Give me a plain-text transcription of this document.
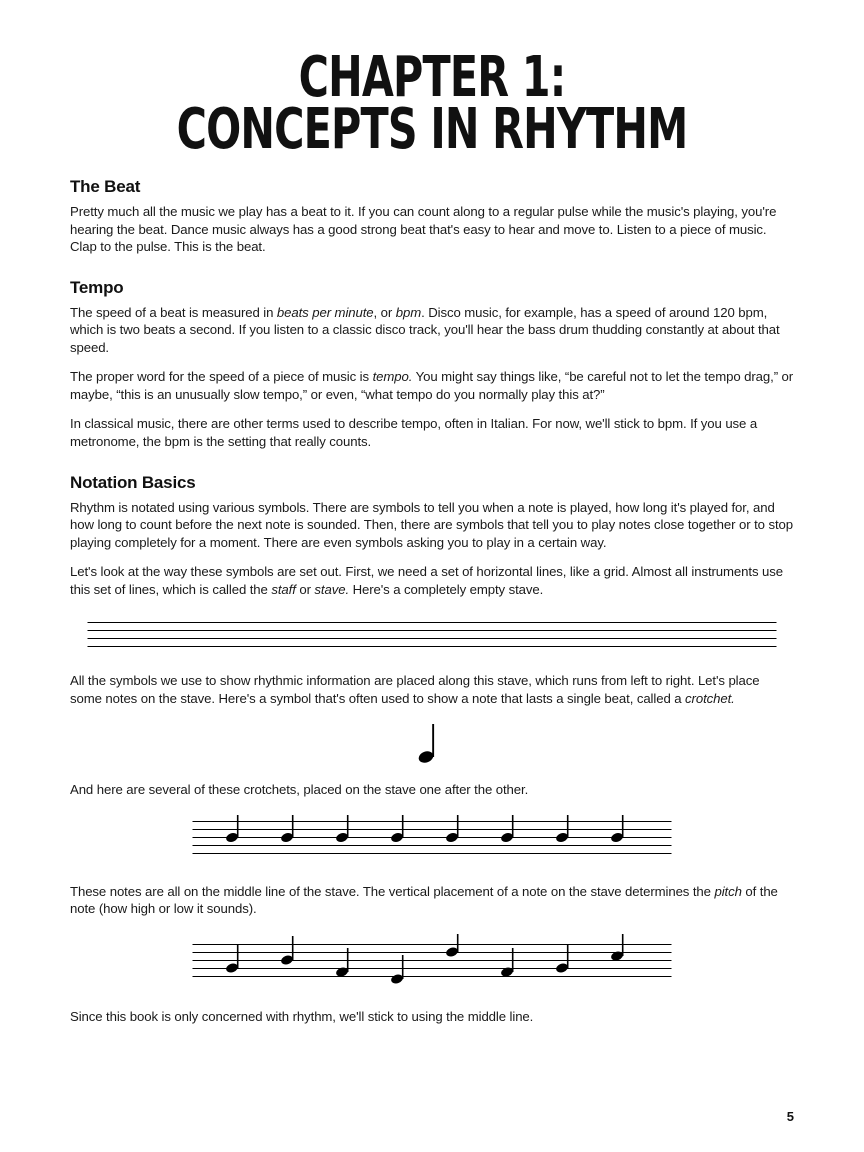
CHAPTER 1:
CONCEPTS IN RHYTHM
The Beat

Pretty much all the music we play has a beat to it. If you can count along to a regular pulse while the music's playing, you're hearing the beat. Dance music always has a good strong beat that's easy to hear and move to. Listen to a piece of music. Clap to the pulse. This is the beat.

Tempo

The speed of a beat is measured in beats per minute, or bpm. Disco music, for example, has a speed of around 120 bpm, which is two beats a second. If you listen to a classic disco track, you'll hear the bass drum thudding constantly at about that speed.

The proper word for the speed of a piece of music is tempo. You might say things like, “be careful not to let the tempo drag,” or maybe, “this is an unusually slow tempo,” or even, “what tempo do you normally play this at?”

In classical music, there are other terms used to describe tempo, often in Italian. For now, we'll stick to bpm. If you use a metronome, the bpm is the setting that really counts.

Notation Basics

Rhythm is notated using various symbols. There are symbols to tell you when a note is played, how long it's played for, and how long to count before the next note is sounded. Then, there are symbols that tell you to play notes close together or to stop playing completely for a moment. There are even symbols asking you to play in a certain way.

Let's look at the way these symbols are set out. First, we need a set of horizontal lines, like a grid. Almost all instruments use this set of lines, which is called the staff or stave. Here's a completely empty stave.

All the symbols we use to show rhythmic information are placed along this stave, which runs from left to right. Let's place some notes on the stave. Here's a symbol that's often used to show a note that lasts a single beat, called a crotchet.

And here are several of these crotchets, placed on the stave one after the other.

These notes are all on the middle line of the stave. The vertical placement of a note on the stave determines the pitch of the note (how high or low it sounds).

Since this book is only concerned with rhythm, we'll stick to using the middle line.

5
